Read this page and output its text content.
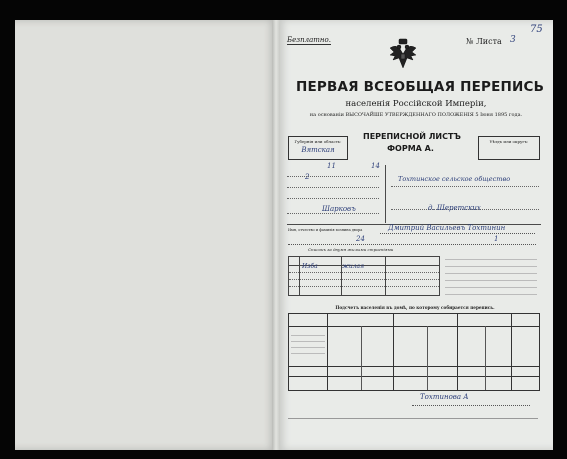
Безплатно.	№ Листа 3
75
ПЕРВАЯ ВСЕОБЩАЯ ПЕРЕПИСЬ
населенія Россійской Имперіи,
на основаніи ВЫСОЧАЙШЕ УТВЕРЖДЕННАГО ПОЛОЖЕНІЯ 5 Іюня 1895 года.
Губернія или область:
Вятская
ПЕРЕПИСНОЙ ЛИСТЪ
ФОРМА А.
Уѣздъ или округъ:
11	14
2
Шарковъ
Тохтинское сельское общество
д. Шеретских
Имя, отчество и фамилія хозяина двора	Дмитрий Васильевъ Тохтинин
24	1
Списокъ за двумя жилыми строеніями
Изба	жилая
Подсчетъ населенія въ домѣ, по которому собирается перепись.
Тохтинова А
